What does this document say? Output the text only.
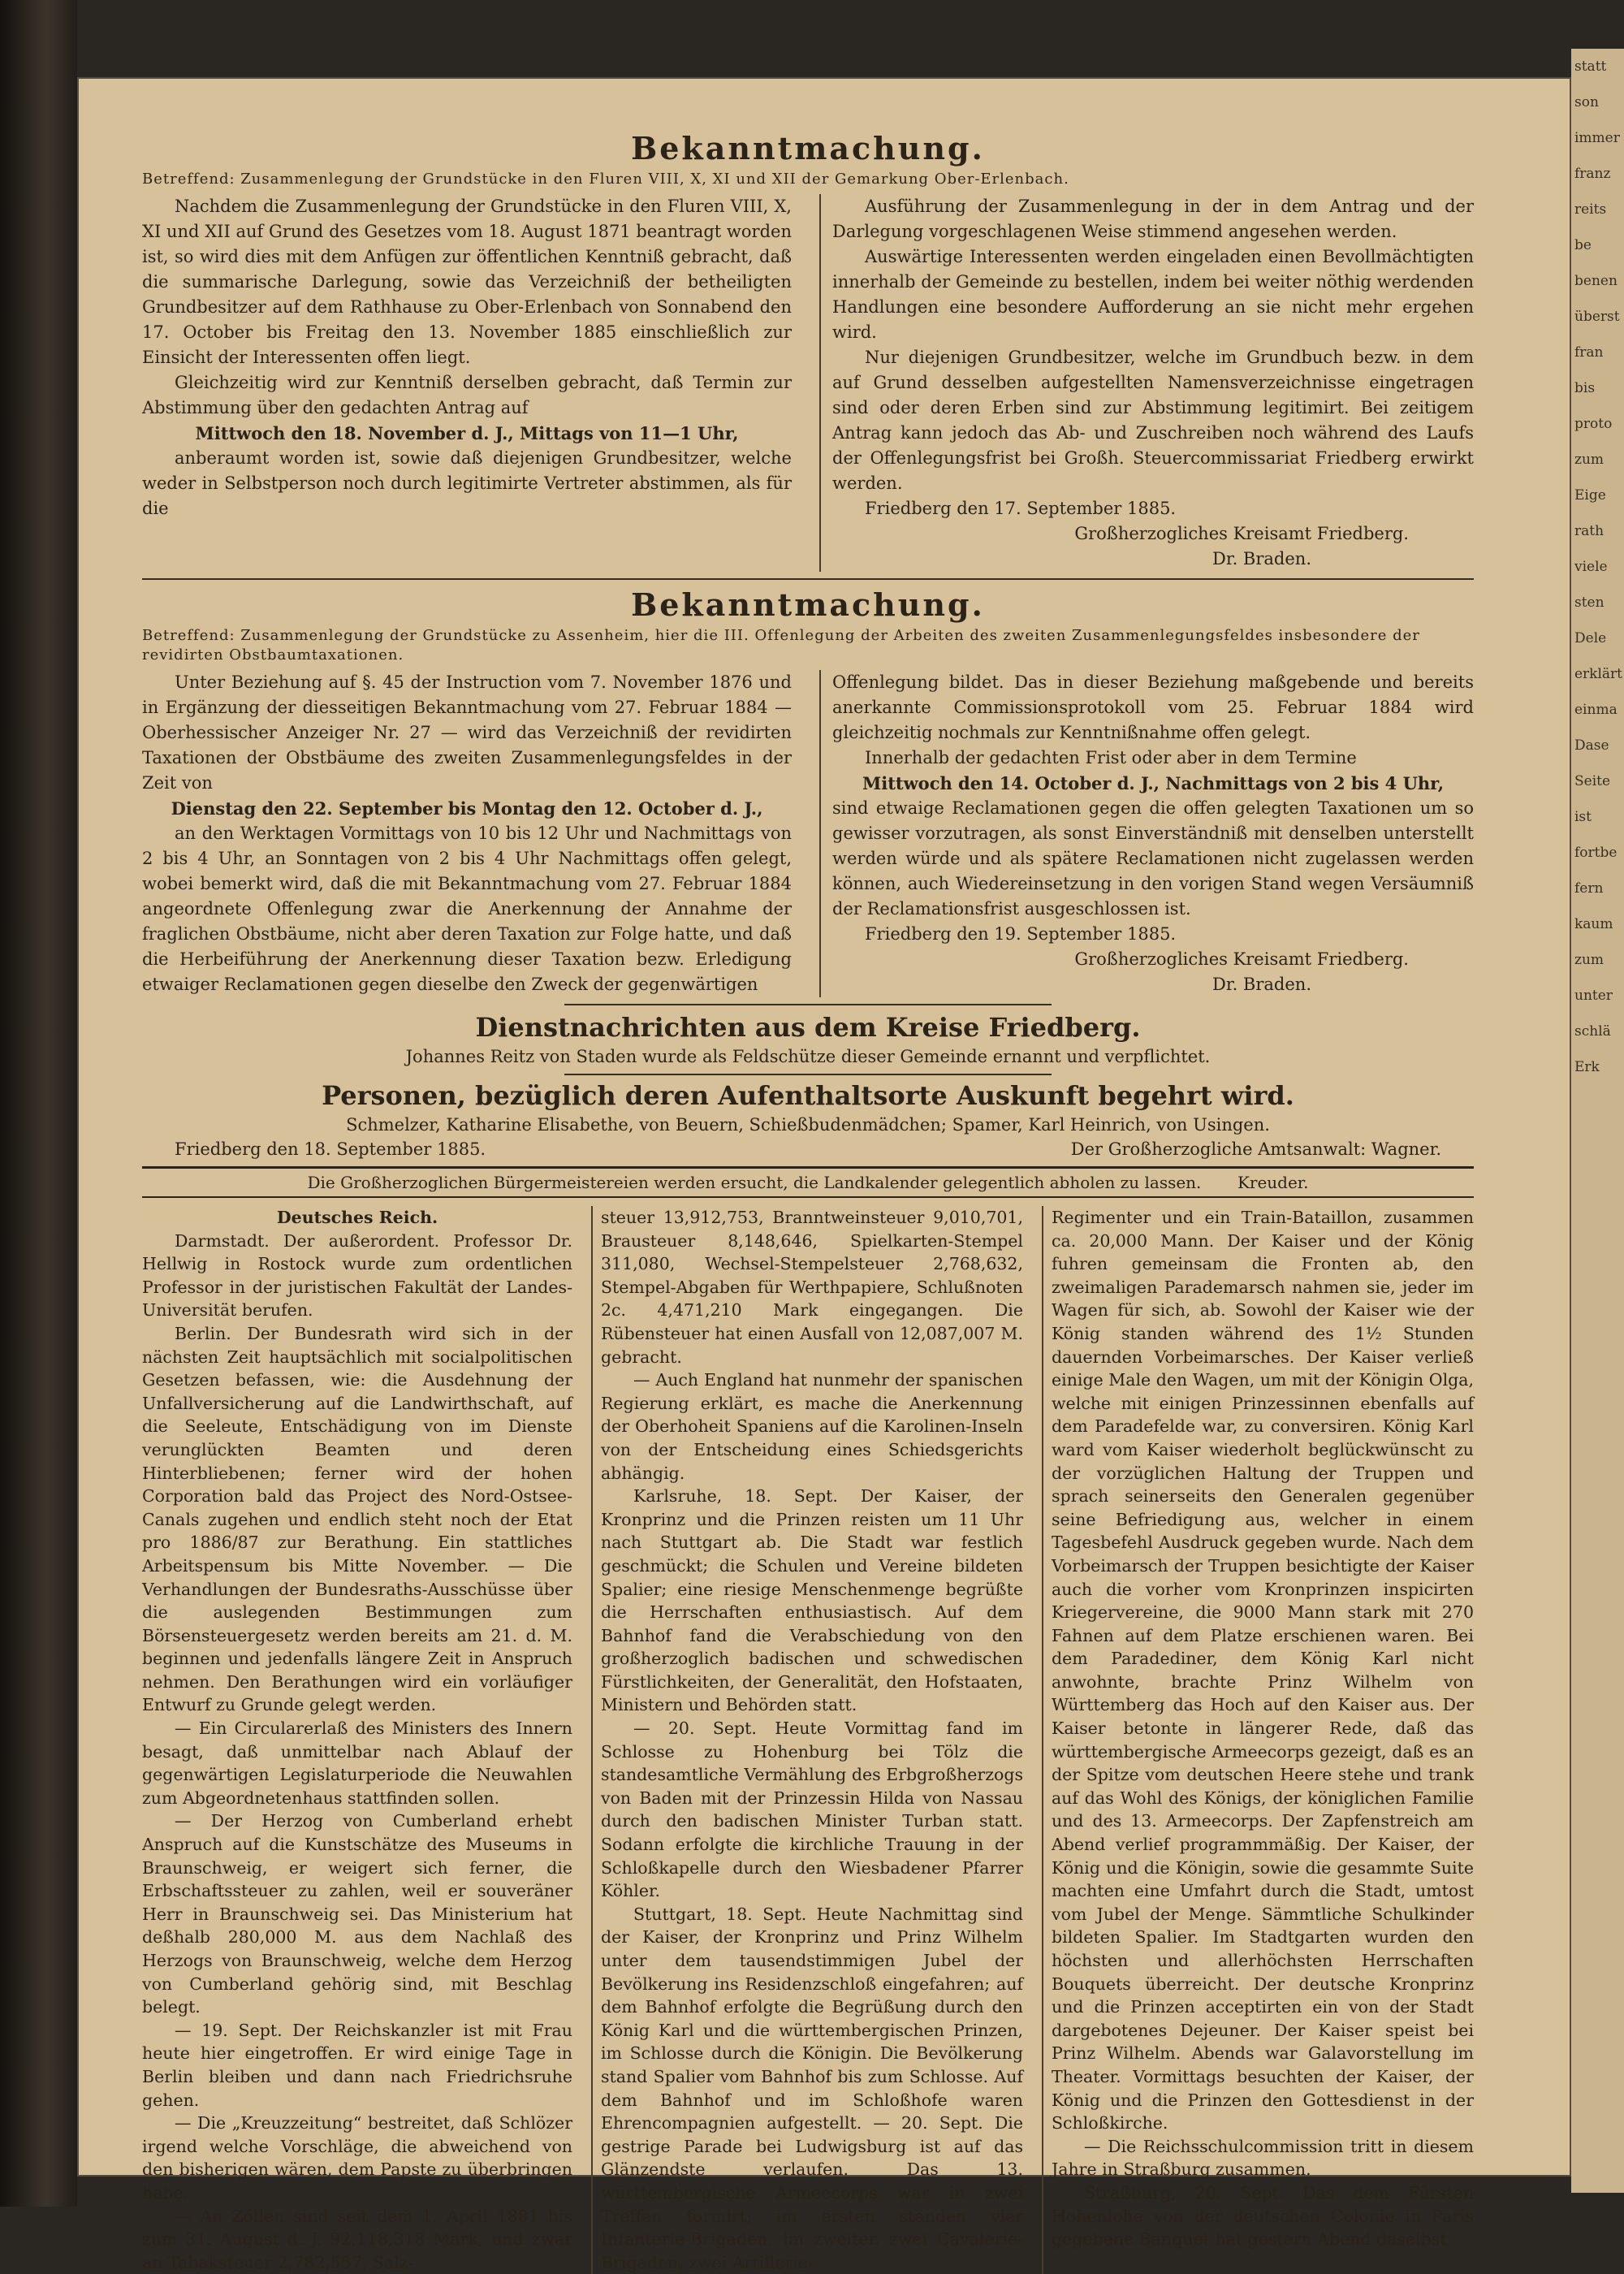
statt
son
immer
franz
reits
be
benen
überst
fran
bis
proto
zum
Eige
rath
viele
sten
Dele
erklärt
einma
Dase
Seite
ist
fortbe
fern
kaum
zum
unter
schlä
Erk
Bekanntmachung.
Betreffend: Zusammenlegung der Grundstücke in den Fluren VIII, X, XI und XII der Gemarkung Ober-Erlenbach.

Nachdem die Zusammenlegung der Grundstücke in den Fluren VIII, X, XI und XII auf Grund des Gesetzes vom 18. August 1871 beantragt worden ist, so wird dies mit dem Anfügen zur öffentlichen Kenntniß gebracht, daß die summarische Darlegung, sowie das Verzeichniß der betheiligten Grundbesitzer auf dem Rathhause zu Ober-Erlenbach von Sonnabend den 17. October bis Freitag den 13. November 1885 einschließlich zur Einsicht der Interessenten offen liegt.

Gleichzeitig wird zur Kenntniß derselben gebracht, daß Termin zur Abstimmung über den gedachten Antrag auf

Mittwoch den 18. November d. J., Mittags von 11—1 Uhr,

anberaumt worden ist, sowie daß diejenigen Grundbesitzer, welche weder in Selbstperson noch durch legitimirte Vertreter abstimmen, als für die

Ausführung der Zusammenlegung in der in dem Antrag und der Darlegung vorgeschlagenen Weise stimmend angesehen werden.

Auswärtige Interessenten werden eingeladen einen Bevollmächtigten innerhalb der Gemeinde zu bestellen, indem bei weiter nöthig werdenden Handlungen eine besondere Aufforderung an sie nicht mehr ergehen wird.

Nur diejenigen Grundbesitzer, welche im Grundbuch bezw. in dem auf Grund desselben aufgestellten Namensverzeichnisse eingetragen sind oder deren Erben sind zur Abstimmung legitimirt. Bei zeitigem Antrag kann jedoch das Ab- und Zuschreiben noch während des Laufs der Offenlegungsfrist bei Großh. Steuercommissariat Friedberg erwirkt werden.

Friedberg den 17. September 1885.

Großherzogliches Kreisamt Friedberg.

Dr. Braden.

Bekanntmachung.
Betreffend: Zusammenlegung der Grundstücke zu Assenheim, hier die III. Offenlegung der Arbeiten des zweiten Zusammenlegungsfeldes insbesondere der revidirten Obstbaumtaxationen.

Unter Beziehung auf §. 45 der Instruction vom 7. November 1876 und in Ergänzung der diesseitigen Bekanntmachung vom 27. Februar 1884 — Oberhessischer Anzeiger Nr. 27 — wird das Verzeichniß der revidirten Taxationen der Obstbäume des zweiten Zusammenlegungsfeldes in der Zeit von

Dienstag den 22. September bis Montag den 12. October d. J.,

an den Werktagen Vormittags von 10 bis 12 Uhr und Nachmittags von 2 bis 4 Uhr, an Sonntagen von 2 bis 4 Uhr Nachmittags offen gelegt, wobei bemerkt wird, daß die mit Bekanntmachung vom 27. Februar 1884 angeordnete Offenlegung zwar die Anerkennung der Annahme der fraglichen Obstbäume, nicht aber deren Taxation zur Folge hatte, und daß die Herbeiführung der Anerkennung dieser Taxation bezw. Erledigung etwaiger Reclamationen gegen dieselbe den Zweck der gegenwärtigen

Offenlegung bildet. Das in dieser Beziehung maßgebende und bereits anerkannte Commissionsprotokoll vom 25. Februar 1884 wird gleichzeitig nochmals zur Kenntnißnahme offen gelegt.

Innerhalb der gedachten Frist oder aber in dem Termine

Mittwoch den 14. October d. J., Nachmittags von 2 bis 4 Uhr,

sind etwaige Reclamationen gegen die offen gelegten Taxationen um so gewisser vorzutragen, als sonst Einverständniß mit denselben unterstellt werden würde und als spätere Reclamationen nicht zugelassen werden können, auch Wiedereinsetzung in den vorigen Stand wegen Versäumniß der Reclamationsfrist ausgeschlossen ist.

Friedberg den 19. September 1885.

Großherzogliches Kreisamt Friedberg.

Dr. Braden.

Dienstnachrichten aus dem Kreise Friedberg.
Johannes Reitz von Staden wurde als Feldschütze dieser Gemeinde ernannt und verpflichtet.
Personen, bezüglich deren Aufenthaltsorte Auskunft begehrt wird.
Schmelzer, Katharine Elisabethe, von Beuern, Schießbudenmädchen; Spamer, Karl Heinrich, von Usingen.
Friedberg den 18. September 1885.	Der Großherzogliche Amtsanwalt: Wagner.
Die Großherzoglichen Bürgermeistereien werden ersucht, die Landkalender gelegentlich abholen zu lassen. Kreuder.

Deutsches Reich.

Darmstadt. Der außerordent. Professor Dr. Hellwig in Rostock wurde zum ordentlichen Professor in der juristischen Fakultät der Landes-Universität berufen.

Berlin. Der Bundesrath wird sich in der nächsten Zeit hauptsächlich mit socialpolitischen Gesetzen befassen, wie: die Ausdehnung der Unfallversicherung auf die Landwirthschaft, auf die Seeleute, Entschädigung von im Dienste verunglückten Beamten und deren Hinterbliebenen; ferner wird der hohen Corporation bald das Project des Nord-Ostsee-Canals zugehen und endlich steht noch der Etat pro 1886/87 zur Berathung. Ein stattliches Arbeitspensum bis Mitte November. — Die Verhandlungen der Bundesraths-Ausschüsse über die auslegenden Bestimmungen zum Börsensteuergesetz werden bereits am 21. d. M. beginnen und jedenfalls längere Zeit in Anspruch nehmen. Den Berathungen wird ein vorläufiger Entwurf zu Grunde gelegt werden.

— Ein Circularerlaß des Ministers des Innern besagt, daß unmittelbar nach Ablauf der gegenwärtigen Legislaturperiode die Neuwahlen zum Abgeordnetenhaus stattfinden sollen.

— Der Herzog von Cumberland erhebt Anspruch auf die Kunstschätze des Museums in Braunschweig, er weigert sich ferner, die Erbschaftssteuer zu zahlen, weil er souveräner Herr in Braunschweig sei. Das Ministerium hat deßhalb 280,000 M. aus dem Nachlaß des Herzogs von Braunschweig, welche dem Herzog von Cumberland gehörig sind, mit Beschlag belegt.

— 19. Sept. Der Reichskanzler ist mit Frau heute hier eingetroffen. Er wird einige Tage in Berlin bleiben und dann nach Friedrichsruhe gehen.

— Die „Kreuzzeitung“ bestreitet, daß Schlözer irgend welche Vorschläge, die abweichend von den bisherigen wären, dem Papste zu überbringen habe.

— An Zöllen sind seit dem 1. April 1881 bis zum 31. August d. J. 92,118,318 Mark, und zwar an Tabaksteuer 2,782,557, Salz-

steuer 13,912,753, Branntweinsteuer 9,010,701, Brausteuer 8,148,646, Spielkarten-Stempel 311,080, Wechsel-Stempelsteuer 2,768,632, Stempel-Abgaben für Werthpapiere, Schlußnoten 2c. 4,471,210 Mark eingegangen. Die Rübensteuer hat einen Ausfall von 12,087,007 M. gebracht.

— Auch England hat nunmehr der spanischen Regierung erklärt, es mache die Anerkennung der Oberhoheit Spaniens auf die Karolinen-Inseln von der Entscheidung eines Schiedsgerichts abhängig.

Karlsruhe, 18. Sept. Der Kaiser, der Kronprinz und die Prinzen reisten um 11 Uhr nach Stuttgart ab. Die Stadt war festlich geschmückt; die Schulen und Vereine bildeten Spalier; eine riesige Menschenmenge begrüßte die Herrschaften enthusiastisch. Auf dem Bahnhof fand die Verabschiedung von den großherzoglich badischen und schwedischen Fürstlichkeiten, der Generalität, den Hofstaaten, Ministern und Behörden statt.

— 20. Sept. Heute Vormittag fand im Schlosse zu Hohenburg bei Tölz die standesamtliche Vermählung des Erbgroßherzogs von Baden mit der Prinzessin Hilda von Nassau durch den badischen Minister Turban statt. Sodann erfolgte die kirchliche Trauung in der Schloßkapelle durch den Wiesbadener Pfarrer Köhler.

Stuttgart, 18. Sept. Heute Nachmittag sind der Kaiser, der Kronprinz und Prinz Wilhelm unter dem tausendstimmigen Jubel der Bevölkerung ins Residenzschloß eingefahren; auf dem Bahnhof erfolgte die Begrüßung durch den König Karl und die württembergischen Prinzen, im Schlosse durch die Königin. Die Bevölkerung stand Spalier vom Bahnhof bis zum Schlosse. Auf dem Bahnhof und im Schloßhofe waren Ehrencompagnien aufgestellt. — 20. Sept. Die gestrige Parade bei Ludwigsburg ist auf das Glänzendste verlaufen. Das 13. württembergische Armeecorps war in zwei Treffen formirt; im ersten standen vier Infanterie-Brigaden, im zweiten zwei Cavalerie-Brigaden, zwei Artillerie-

Regimenter und ein Train-Bataillon, zusammen ca. 20,000 Mann. Der Kaiser und der König fuhren gemeinsam die Fronten ab, den zweimaligen Parademarsch nahmen sie, jeder im Wagen für sich, ab. Sowohl der Kaiser wie der König standen während des 1½ Stunden dauernden Vorbeimarsches. Der Kaiser verließ einige Male den Wagen, um mit der Königin Olga, welche mit einigen Prinzessinnen ebenfalls auf dem Paradefelde war, zu conversiren. König Karl ward vom Kaiser wiederholt beglückwünscht zu der vorzüglichen Haltung der Truppen und sprach seinerseits den Generalen gegenüber seine Befriedigung aus, welcher in einem Tagesbefehl Ausdruck gegeben wurde. Nach dem Vorbeimarsch der Truppen besichtigte der Kaiser auch die vorher vom Kronprinzen inspicirten Kriegervereine, die 9000 Mann stark mit 270 Fahnen auf dem Platze erschienen waren. Bei dem Paradediner, dem König Karl nicht anwohnte, brachte Prinz Wilhelm von Württemberg das Hoch auf den Kaiser aus. Der Kaiser betonte in längerer Rede, daß das württembergische Armeecorps gezeigt, daß es an der Spitze vom deutschen Heere stehe und trank auf das Wohl des Königs, der königlichen Familie und des 13. Armeecorps. Der Zapfenstreich am Abend verlief programmmäßig. Der Kaiser, der König und die Königin, sowie die gesammte Suite machten eine Umfahrt durch die Stadt, umtost vom Jubel der Menge. Sämmtliche Schulkinder bildeten Spalier. Im Stadtgarten wurden den höchsten und allerhöchsten Herrschaften Bouquets überreicht. Der deutsche Kronprinz und die Prinzen acceptirten ein von der Stadt dargebotenes Dejeuner. Der Kaiser speist bei Prinz Wilhelm. Abends war Galavorstellung im Theater. Vormittags besuchten der Kaiser, der König und die Prinzen den Gottesdienst in der Schloßkirche.

— Die Reichsschulcommission tritt in diesem Jahre in Straßburg zusammen.

Straßburg, 20. Sept. Das dem Fürsten Hohenlohe von der deutschen Colonie in Paris gegebene Banquet hat gestern Abend daselbst
